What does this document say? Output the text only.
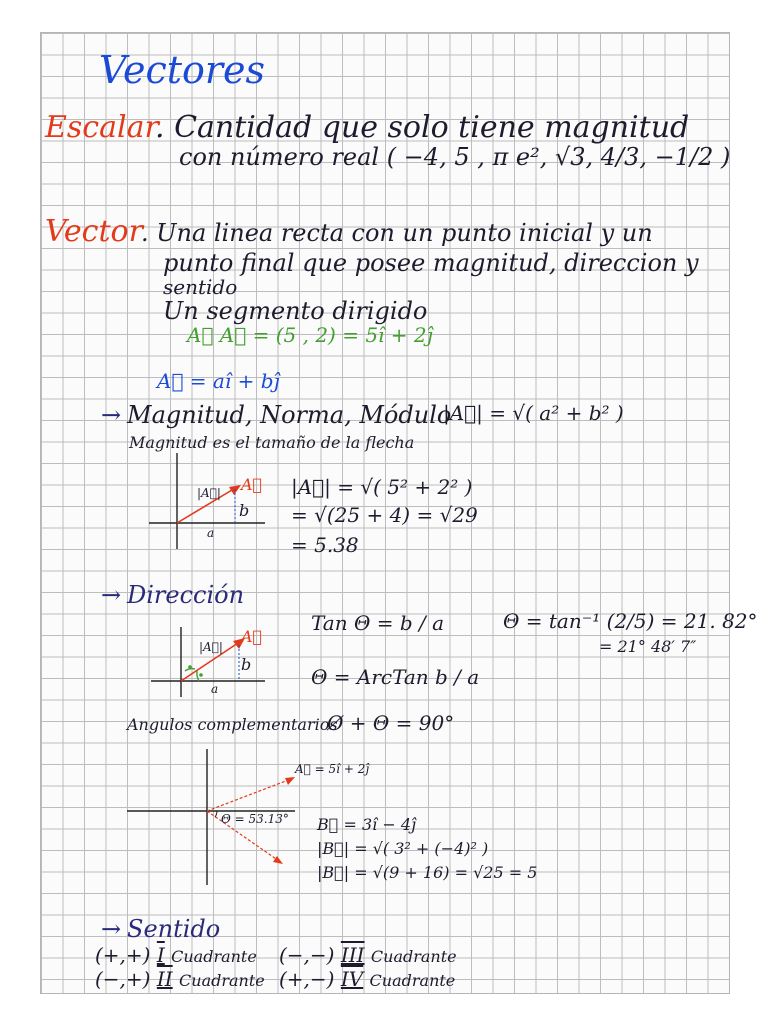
Vectores
Escalar
. Cantidad que solo tiene magnitud
con número real ( −4, 5 , π e², √3, 4/3, −1/2 )
Vector
. Una linea recta con un punto inicial y un
punto final que posee magnitud, direccion y
sentido
Un segmento dirigido
A⃗ A⃗ = (5 , 2) = 5î + 2ĵ
A⃗ = aî + bĵ
→ Magnitud, Norma, Módulo
|A⃗| = √( a² + b² )
Magnitud es el tamaño de la flecha
|A⃗| A⃗
b
a
|A⃗| = √( 5² + 2² )
= √(25 + 4) = √29
= 5.38
→ Dirección
|A⃗|
A⃗
b
a
Tan Θ = b / a
Θ = ArcTan b / a
Θ = tan⁻¹ (2/5) = 21. 82°
= 21° 48′ 7″
Angulos complementarios
Ø + Θ = 90°
A⃗ = 5î + 2ĵ
Θ = 53.13° B⃗ = 3î − 4ĵ
|B⃗| = √( 3² + (−4)² )
|B⃗| = √(9 + 16) = √25 = 5
→ Sentido
(+,+) I Cuadrante (−,−) III Cuadrante
(−,+) II Cuadrante (+,−) IV Cuadrante
